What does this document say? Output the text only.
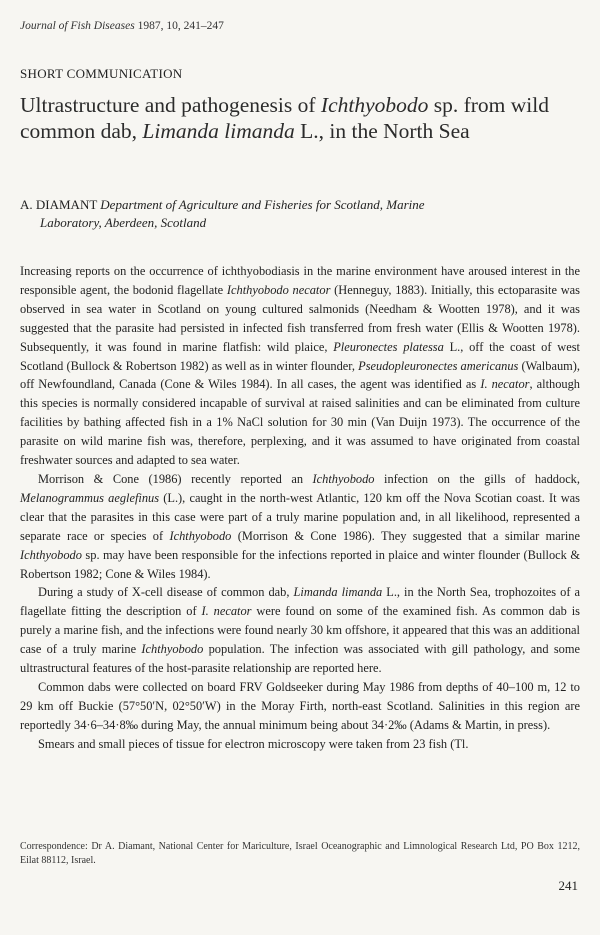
Journal of Fish Diseases 1987, 10, 241–247
SHORT COMMUNICATION
Ultrastructure and pathogenesis of Ichthyobodo sp. from wild common dab, Limanda limanda L., in the North Sea
A. DIAMANT Department of Agriculture and Fisheries for Scotland, Marine
Laboratory, Aberdeen, Scotland

Increasing reports on the occurrence of ichthyobodiasis in the marine environment have aroused interest in the responsible agent, the bodonid flagellate Ichthyobodo necator (Henneguy, 1883). Initially, this ectoparasite was observed in sea water in Scotland on young cultured salmonids (Needham & Wootten 1978), and it was suggested that the parasite had persisted in infected fish transferred from fresh water (Ellis & Wootten 1978). Subsequently, it was found in marine flatfish: wild plaice, Pleuronectes platessa L., off the coast of west Scotland (Bullock & Robertson 1982) as well as in winter flounder, Pseudopleuronectes americanus (Walbaum), off Newfoundland, Canada (Cone & Wiles 1984). In all cases, the agent was identified as I. necator, although this species is normally considered incapable of survival at raised salinities and can be eliminated from culture facilities by bathing affected fish in a 1% NaCl solution for 30 min (Van Duijn 1973). The occurrence of the parasite on wild marine fish was, therefore, perplexing, and it was assumed to have originated from coastal freshwater sources and adapted to sea water.

Morrison & Cone (1986) recently reported an Ichthyobodo infection on the gills of haddock, Melanogrammus aeglefinus (L.), caught in the north-west Atlantic, 120 km off the Nova Scotian coast. It was clear that the parasites in this case were part of a truly marine population and, in all likelihood, represented a separate race or species of Ichthyobodo (Morrison & Cone 1986). They suggested that a similar marine Ichthyobodo sp. may have been responsible for the infections reported in plaice and winter flounder (Bullock & Robertson 1982; Cone & Wiles 1984).

During a study of X-cell disease of common dab, Limanda limanda L., in the North Sea, trophozoites of a flagellate fitting the description of I. necator were found on some of the examined fish. As common dab is purely a marine fish, and the infections were found nearly 30 km offshore, it appeared that this was an additional case of a truly marine Ichthyobodo population. The infection was associated with gill pathology, and some ultrastructural features of the host-parasite relationship are reported here.

Common dabs were collected on board FRV Goldseeker during May 1986 from depths of 40–100 m, 12 to 29 km off Buckie (57°50′N, 02°50′W) in the Moray Firth, north-east Scotland. Salinities in this region are reportedly 34·6–34·8‰ during May, the annual minimum being about 34·2‰ (Adams & Martin, in press).

Smears and small pieces of tissue for electron microscopy were taken from 23 fish (Tl.

Correspondence: Dr A. Diamant, National Center for Mariculture, Israel Oceanographic and Limnological Research Ltd, PO Box 1212, Eilat 88112, Israel.
241
